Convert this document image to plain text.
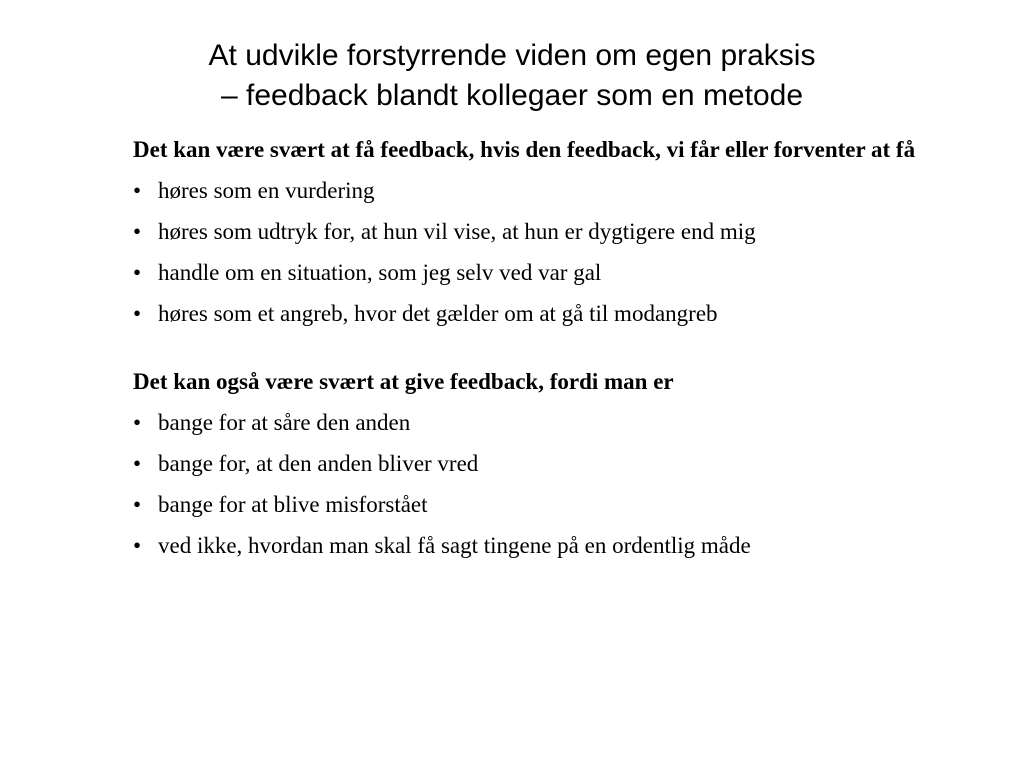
At udvikle forstyrrende viden om egen praksis
– feedback blandt kollegaer som en metode
Det kan være svært at få feedback, hvis den feedback, vi får eller forventer at få
• høres som en vurdering
• høres som udtryk for, at hun vil vise, at hun er dygtigere end mig
• handle om en situation, som jeg selv ved var gal
• høres som et angreb, hvor det gælder om at gå til modangreb
Det kan også være svært at give feedback, fordi man er
• bange for at såre den anden
• bange for, at den anden bliver vred
• bange for at blive misforstået
• ved ikke, hvordan man skal få sagt tingene på en ordentlig måde
